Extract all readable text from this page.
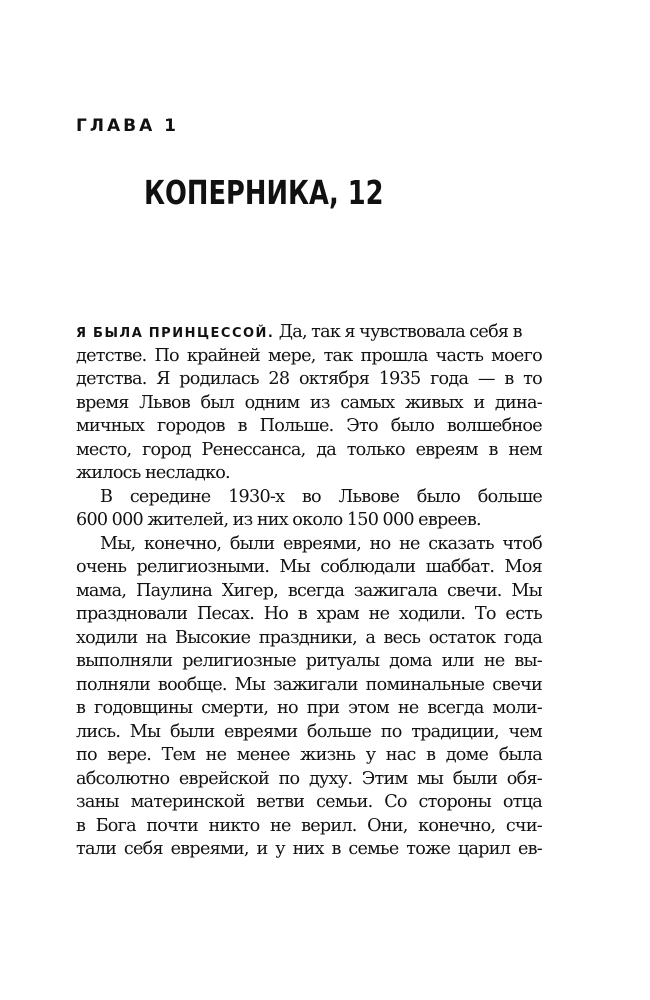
ГЛАВА 1
КОПЕРНИКА, 12
Я БЫЛА ПРИНЦЕССОЙ. Да, так я чувствовала себя в
детстве. По крайней мере, так прошла часть моего
детства. Я родилась 28 октября 1935 года — в то
время Львов был одним из самых живых и дина-
мичных городов в Польше. Это было волшебное
место, город Ренессанса, да только евреям в нем
жилось несладко.
В середине 1930-х во Львове было больше
600 000 жителей, из них около 150 000 евреев.
Мы, конечно, были евреями, но не сказать чтоб
очень религиозными. Мы соблюдали шаббат. Моя
мама, Паулина Хигер, всегда зажигала свечи. Мы
праздновали Песах. Но в храм не ходили. То есть
ходили на Высокие праздники, а весь остаток года
выполняли религиозные ритуалы дома или не вы-
полняли вообще. Мы зажигали поминальные свечи
в годовщины смерти, но при этом не всегда моли-
лись. Мы были евреями больше по традиции, чем
по вере. Тем не менее жизнь у нас в доме была
абсолютно еврейской по духу. Этим мы были обя-
заны материнской ветви семьи. Со стороны отца
в Бога почти никто не верил. Они, конечно, счи-
тали себя евреями, и у них в семье тоже царил ев-
